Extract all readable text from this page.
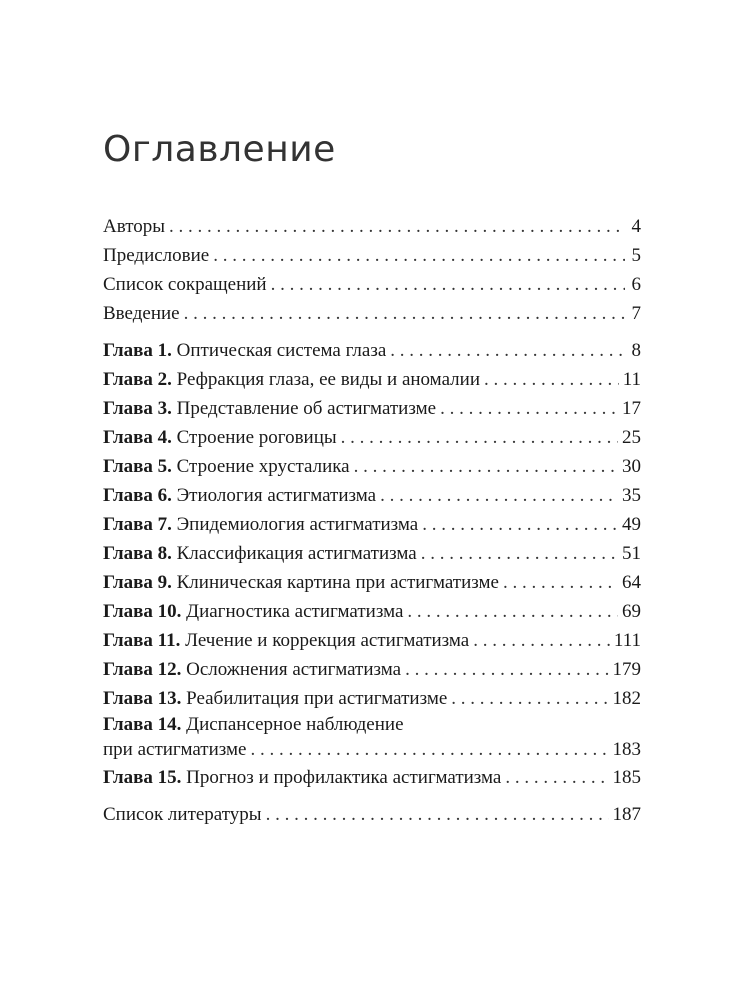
Оглавление
Авторы . . .	4
Предисловие . . .	5
Список сокращений . . .	6
Введение . . .	7
Глава 1. Оптическая система глаза . . .	8
Глава 2. Рефракция глаза, ее виды и аномалии . . .	11
Глава 3. Представление об астигматизме . . .	17
Глава 4. Строение роговицы . . .	25
Глава 5. Строение хрусталика . . .	30
Глава 6. Этиология астигматизма . . .	35
Глава 7. Эпидемиология астигматизма . . .	49
Глава 8. Классификация астигматизма . . .	51
Глава 9. Клиническая картина при астигматизме . . .	64
Глава 10. Диагностика астигматизма . . .	69
Глава 11. Лечение и коррекция астигматизма . . .	111
Глава 12. Осложнения астигматизма . . .	179
Глава 13. Реабилитация при астигматизме . . .	182
Глава 14. Диспансерное наблюдение
при астигматизме . . .	183
Глава 15. Прогноз и профилактика астигматизма . . .	185
Список литературы . . .	187
